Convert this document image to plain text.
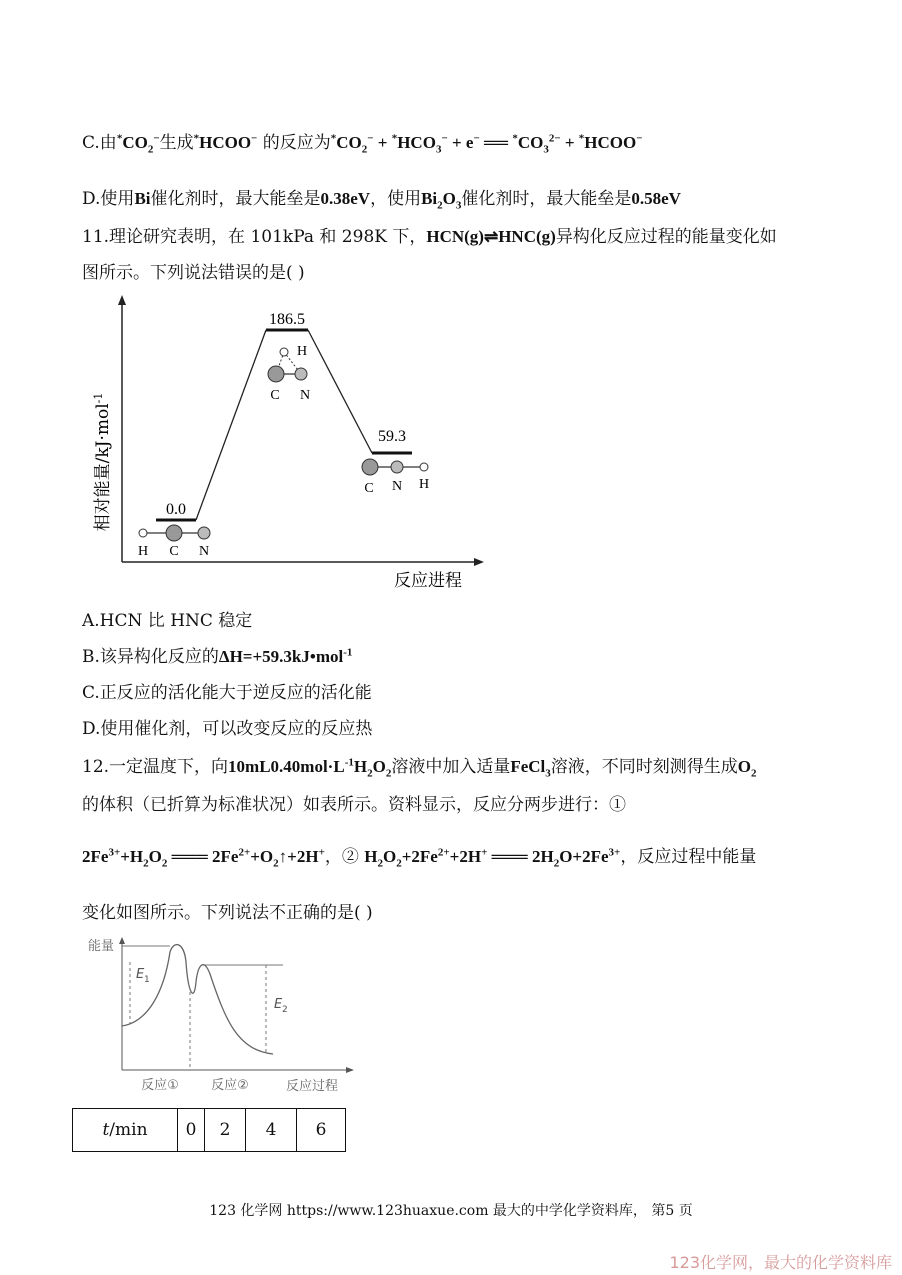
C.由$^*CO_2^-$生成*HCOO− 的反应为$^*CO_2^- + ^*HCO_3^- + e^-$ ══ $^*CO_3^{2-}$ + *HCOO−
D.使用Bi催化剂时，最大能垒是0.38eV，使用$Bi_2O_3$催化剂时，最大能垒是0.58eV
11.理论研究表明，在 101kPa 和 298K 下，HCN(g)⇌HNC(g)异构化反应过程的能量变化如
图所示。下列说法错误的是( )
相对能量/kJ·mol$^{-1}$
反应进程
0.0
186.5
59.3
H C N
H
C N
C N H
A.HCN 比 HNC 稳定
B.该异构化反应的ΔH=+59.3kJ•mol$^{-1}$
C.正反应的活化能大于逆反应的活化能
D.使用催化剂，可以改变反应的反应热
12.一定温度下，向$10mL0.40mol\cdot L^{-1}H_2O_2$溶液中加入适量FeCl$_3$溶液，不同时刻测得生成$O_2$
的体积（已折算为标准状况）如表所示。资料显示，反应分两步进行：①
$2Fe^{3+}+H_2O_2$ ═══ $2Fe^{2+}+O_2↑+2H^+$，② $H_2O_2+2Fe^{2+}+2H^+$ ═══ $2H_2O+2Fe^{3+}$，反应过程中能量
变化如图所示。下列说法不正确的是( )
能量
E 1
E 2
反应① 反应②	反应过程
t/min	0	2	4	6
123 化学网 https://www.123huaxue.com 最大的中学化学资料库， 第5 页
123化学网，最大的化学资料库
